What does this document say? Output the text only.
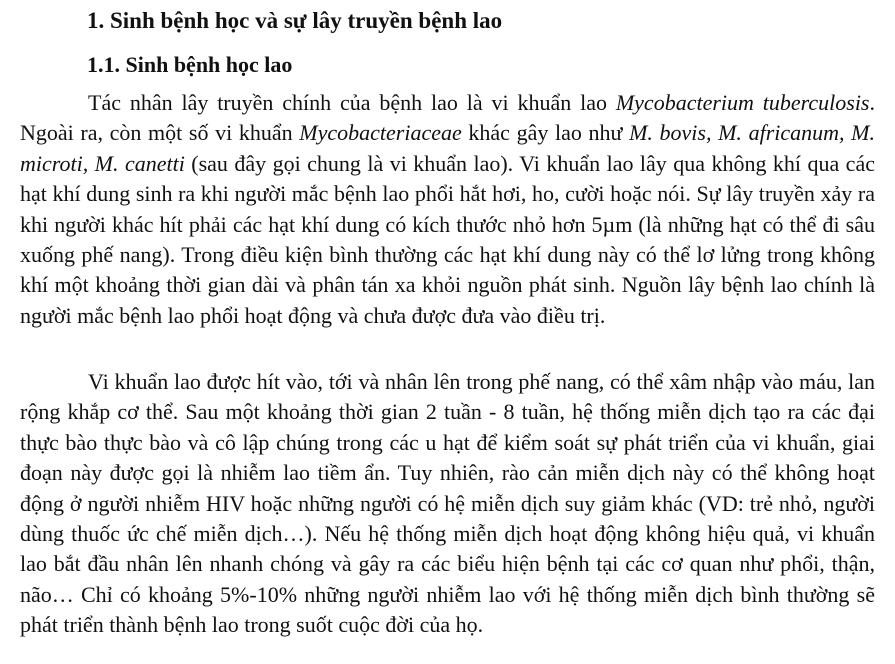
1. Sinh bệnh học và sự lây truyền bệnh lao
1.1. Sinh bệnh học lao

Tác nhân lây truyền chính của bệnh lao là vi khuẩn lao Mycobacterium tuberculosis. Ngoài ra, còn một số vi khuẩn Mycobacteriaceae khác gây lao như M. bovis, M. africanum, M. microti, M. canetti (sau đây gọi chung là vi khuẩn lao). Vi khuẩn lao lây qua không khí qua các hạt khí dung sinh ra khi người mắc bệnh lao phổi hắt hơi, ho, cười hoặc nói. Sự lây truyền xảy ra khi người khác hít phải các hạt khí dung có kích thước nhỏ hơn 5µm (là những hạt có thể đi sâu xuống phế nang). Trong điều kiện bình thường các hạt khí dung này có thể lơ lửng trong không khí một khoảng thời gian dài và phân tán xa khỏi nguồn phát sinh. Nguồn lây bệnh lao chính là người mắc bệnh lao phổi hoạt động và chưa được đưa vào điều trị.

Vi khuẩn lao được hít vào, tới và nhân lên trong phế nang, có thể xâm nhập vào máu, lan rộng khắp cơ thể. Sau một khoảng thời gian 2 tuần - 8 tuần, hệ thống miễn dịch tạo ra các đại thực bào thực bào và cô lập chúng trong các u hạt để kiểm soát sự phát triển của vi khuẩn, giai đoạn này được gọi là nhiễm lao tiềm ẩn. Tuy nhiên, rào cản miễn dịch này có thể không hoạt động ở người nhiễm HIV hoặc những người có hệ miễn dịch suy giảm khác (VD: trẻ nhỏ, người dùng thuốc ức chế miễn dịch…). Nếu hệ thống miễn dịch hoạt động không hiệu quả, vi khuẩn lao bắt đầu nhân lên nhanh chóng và gây ra các biểu hiện bệnh tại các cơ quan như phổi, thận, não… Chỉ có khoảng 5%-10% những người nhiễm lao với hệ thống miễn dịch bình thường sẽ phát triển thành bệnh lao trong suốt cuộc đời của họ.
